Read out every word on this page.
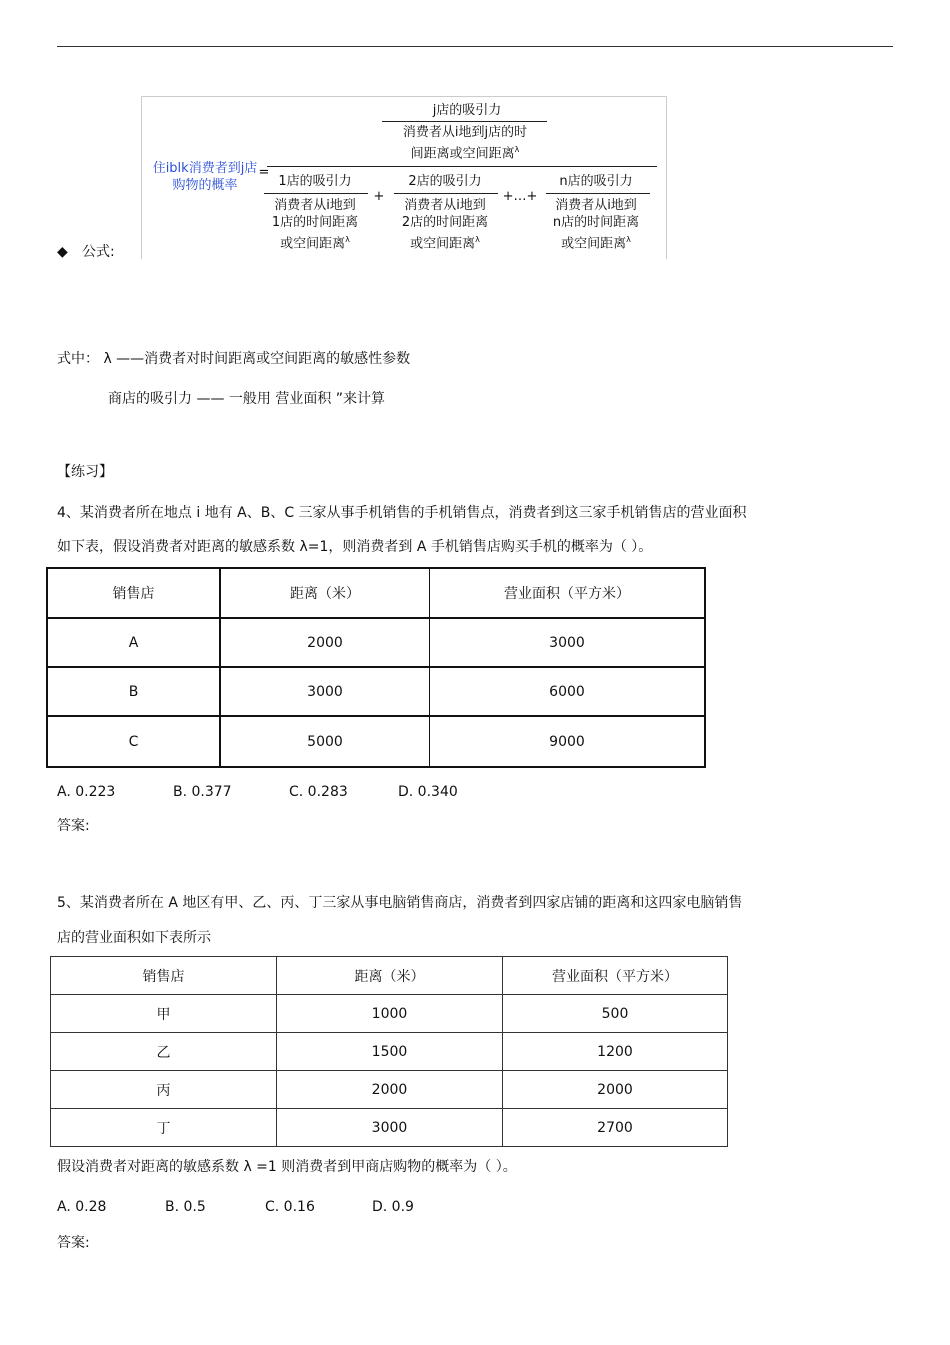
◆ 公式:
住iblk消费者到j店
购物的概率
=
j店的吸引力
消费者从i地到j店的时
间距离或空间距离$^\lambda$
1店的吸引力
消费者从i地到
1店的时间距离
或空间距离$^\lambda$
+
2店的吸引力
消费者从i地到
2店的时间距离
或空间距离$^\lambda$
+…+
n店的吸引力
消费者从i地到
n店的时间距离
或空间距离$^\lambda$
式中： λ ——消费者对时间距离或空间距离的敏感性参数
商店的吸引力 —— 一般用 营业面积 ”来计算
【练习】
4、某消费者所在地点 i 地有 A、B、C 三家从事手机销售的手机销售点，消费者到这三家手机销售店的营业面积
如下表，假设消费者对距离的敏感系数 λ=1，则消费者到 A 手机销售店购买手机的概率为（ ）。
销售店	距离（米）	营业面积（平方米）
A	2000	3000
B	3000	6000
C	5000	9000
A. 0.223	B. 0.377	C. 0.283	D. 0.340
答案:
5、某消费者所在 A 地区有甲、乙、丙、丁三家从事电脑销售商店，消费者到四家店铺的距离和这四家电脑销售
店的营业面积如下表所示
销售店	距离（米）	营业面积（平方米）
甲	1000	500
乙	1500	1200
丙	2000	2000
丁	3000	2700
假设消费者对距离的敏感系数 λ =1 则消费者到甲商店购物的概率为（ ）。
A. 0.28	B. 0.5	C. 0.16	D. 0.9
答案:
